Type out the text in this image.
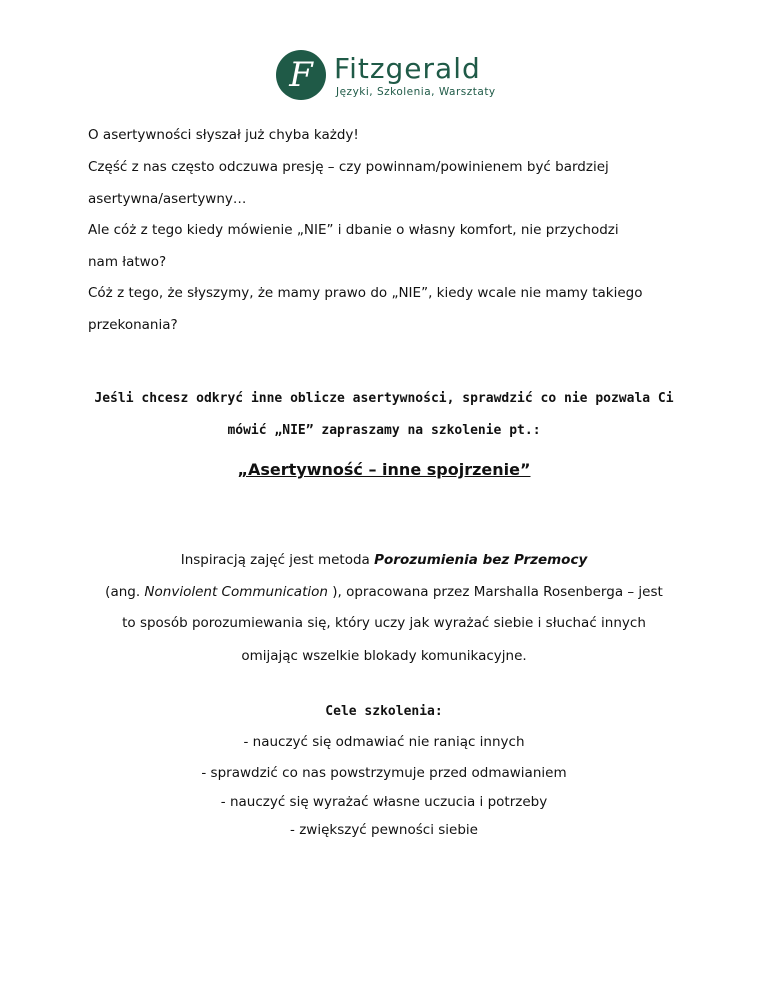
F Fitzgerald
Języki, Szkolenia, Warsztaty
O asertywności słyszał już chyba każdy!
Część z nas często odczuwa presję – czy powinnam/powinienem być bardziej
asertywna/asertywny…
Ale cóż z tego kiedy mówienie „NIE” i dbanie o własny komfort, nie przychodzi
nam łatwo?
Cóż z tego, że słyszymy, że mamy prawo do „NIE”, kiedy wcale nie mamy takiego
przekonania?
Jeśli chcesz odkryć inne oblicze asertywności, sprawdzić co nie pozwala Ci
mówić „NIE” zapraszamy na szkolenie pt.:
„Asertywność – inne spojrzenie”
Inspiracją zajęć jest metoda Porozumienia bez Przemocy
(ang. Nonviolent Communication ), opracowana przez Marshalla Rosenberga – jest
to sposób porozumiewania się, który uczy jak wyrażać siebie i słuchać innych
omijając wszelkie blokady komunikacyjne.
Cele szkolenia:
- nauczyć się odmawiać nie raniąc innych
- sprawdzić co nas powstrzymuje przed odmawianiem
- nauczyć się wyrażać własne uczucia i potrzeby
- zwiększyć pewności siebie
